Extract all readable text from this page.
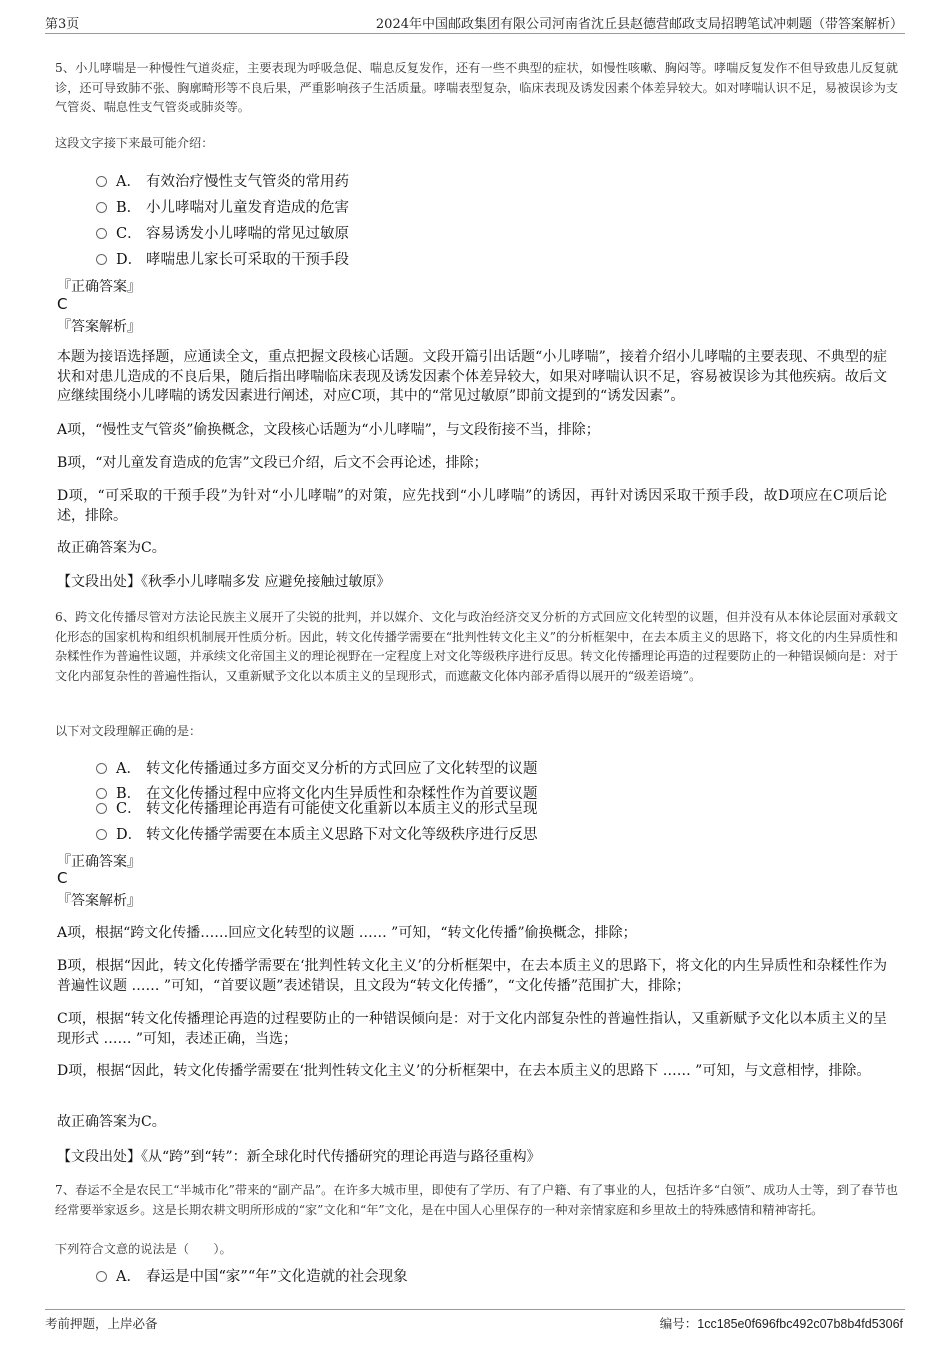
第3页	2024年中国邮政集团有限公司河南省沈丘县赵德营邮政支局招聘笔试冲刺题（带答案解析）
5、小儿哮喘是一种慢性气道炎症，主要表现为呼吸急促、喘息反复发作，还有一些不典型的症状，如慢性咳嗽、胸闷等。哮喘反复发作不但导致患儿反复就诊，还可导致肺不张、胸廓畸形等不良后果，严重影响孩子生活质量。哮喘表型复杂，临床表现及诱发因素个体差异较大。如对哮喘认识不足，易被误诊为支气管炎、喘息性支气管炎或肺炎等。
这段文字接下来最可能介绍：
A． 有效治疗慢性支气管炎的常用药
B． 小儿哮喘对儿童发育造成的危害
C． 容易诱发小儿哮喘的常见过敏原
D． 哮喘患儿家长可采取的干预手段
『正确答案』
C
『答案解析』
本题为接语选择题，应通读全文，重点把握文段核心话题。文段开篇引出话题“小儿哮喘”，接着介绍小儿哮喘的主要表现、不典型的症状和对患儿造成的不良后果，随后指出哮喘临床表现及诱发因素个体差异较大，如果对哮喘认识不足，容易被误诊为其他疾病。故后文应继续围绕小儿哮喘的诱发因素进行阐述，对应C项，其中的“常见过敏原”即前文提到的“诱发因素”。
A项，“慢性支气管炎”偷换概念，文段核心话题为“小儿哮喘”，与文段衔接不当，排除；
B项，“对儿童发育造成的危害”文段已介绍，后文不会再论述，排除；
D项，“可采取的干预手段”为针对“小儿哮喘”的对策，应先找到“小儿哮喘”的诱因，再针对诱因采取干预手段，故D项应在C项后论述，排除。
故正确答案为C。
【文段出处】《秋季小儿哮喘多发 应避免接触过敏原》
6、跨文化传播尽管对方法论民族主义展开了尖锐的批判，并以媒介、文化与政治经济交叉分析的方式回应文化转型的议题，但并没有从本体论层面对承载文化形态的国家机构和组织机制展开性质分析。因此，转文化传播学需要在“批判性转文化主义”的分析框架中，在去本质主义的思路下，将文化的内生异质性和杂糅性作为普遍性议题，并承续文化帝国主义的理论视野在一定程度上对文化等级秩序进行反思。转文化传播理论再造的过程要防止的一种错误倾向是：对于文化内部复杂性的普遍性指认，又重新赋予文化以本质主义的呈现形式，而遮蔽文化体内部矛盾得以展开的“级差语境”。
以下对文段理解正确的是：
A． 转文化传播通过多方面交叉分析的方式回应了文化转型的议题
B． 在文化传播过程中应将文化内生异质性和杂糅性作为首要议题
C． 转文化传播理论再造有可能使文化重新以本质主义的形式呈现
D． 转文化传播学需要在本质主义思路下对文化等级秩序进行反思
『正确答案』
C
『答案解析』
A项，根据“跨文化传播……回应文化转型的议题 …… ”可知，“转文化传播”偷换概念，排除；
B项，根据“因此，转文化传播学需要在‘批判性转文化主义’的分析框架中，在去本质主义的思路下，将文化的内生异质性和杂糅性作为普遍性议题 …… ”可知，“首要议题”表述错误，且文段为“转文化传播”，“文化传播”范围扩大，排除；
C项，根据“转文化传播理论再造的过程要防止的一种错误倾向是：对于文化内部复杂性的普遍性指认，又重新赋予文化以本质主义的呈现形式 …… ”可知，表述正确，当选；
D项，根据“因此，转文化传播学需要在‘批判性转文化主义’的分析框架中，在去本质主义的思路下 …… ”可知，与文意相悖，排除。
故正确答案为C。
【文段出处】《从“跨”到“转”：新全球化时代传播研究的理论再造与路径重构》
7、春运不全是农民工“半城市化”带来的“副产品”。在许多大城市里，即使有了学历、有了户籍、有了事业的人，包括许多“白领”、成功人士等，到了春节也经常要举家返乡。这是长期农耕文明所形成的“家”文化和“年”文化，是在中国人心里保存的一种对亲情家庭和乡里故土的特殊感情和精神寄托。
下列符合文意的说法是（　　）。
A． 春运是中国“家”“年”文化造就的社会现象
考前押题，上岸必备	编号：1cc185e0f696fbc492c07b8b4fd5306f
